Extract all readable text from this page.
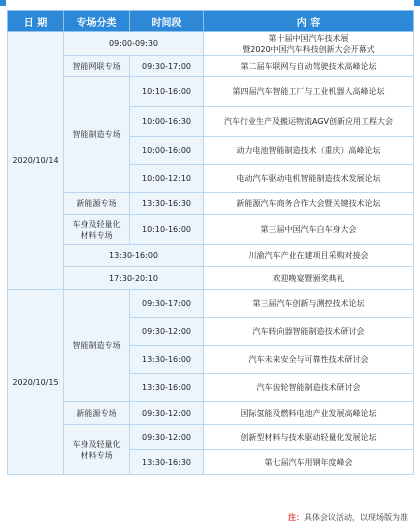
日 期	专场分类	时间段	内 容
2020/10/14	09:00-09:30		第十届中国汽车技术展
暨2020中国汽车科技创新大会开幕式
	智能网联专场	09:30-17:00	第二届车联网与自动驾驶技术高峰论坛
	智能制造专场	10:10-16:00	第四届汽车智能工厂与工业机器人高峰论坛
		10:00-16:30	汽车行业生产及搬运物流AGV创新应用工程大会
		10:00-16:00	动力电池智能制造技术（重庆）高峰论坛
		10:00-12:10	电动汽车驱动电机智能制造技术发展论坛
	新能源专场	13:30-16:30	新能源汽车商务合作大会暨关键技术论坛
	车身及轻量化
材料专场	10:10-16:00	第三届中国汽车白车身大会
	13:30-16:00		川渝汽车产业在建项目采购对接会
	17:30-20:10		欢迎晚宴暨颁奖典礼
2020/10/15	智能制造专场	09:30-17:00	第三届汽车创新与测控技术论坛
		09:30-12:00	汽车转向器智能制造技术研讨会
		13:30-16:00	汽车未来安全与可靠性技术研讨会
		13:30-16:00	汽车齿轮智能制造技术研讨会
	新能源专场	09:30-12:00	国际氢能及燃料电池产业发展高峰论坛
	车身及轻量化
材料专场	09:30-12:00	创新型材料与技术驱动轻量化发展论坛
		13:30-16:30	第七届汽车用钢年度峰会
注：具体会议活动，以现场版为准
